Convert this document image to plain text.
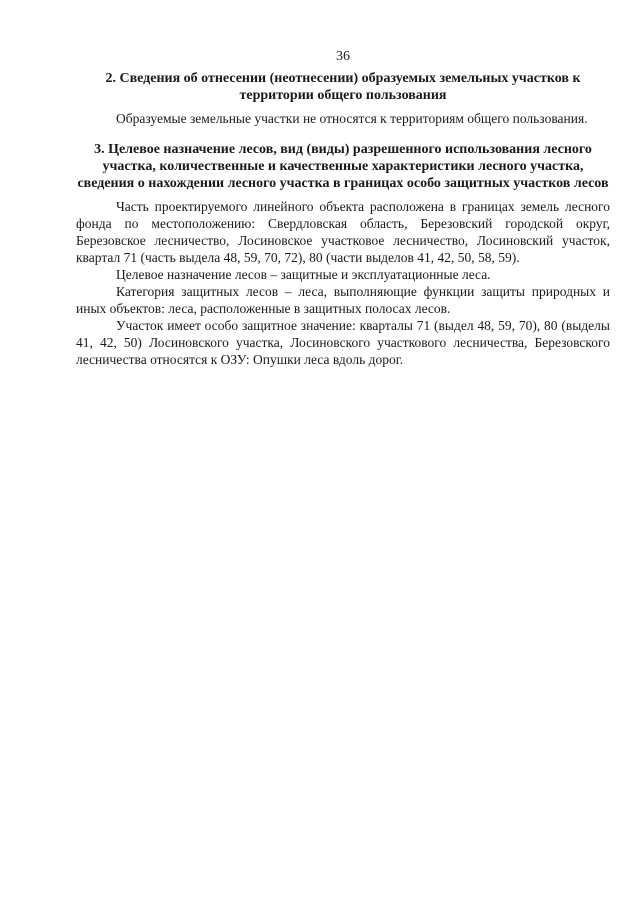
36
2. Сведения об отнесении (неотнесении) образуемых земельных участков к территории общего пользования

Образуемые земельные участки не относятся к территориям общего пользования.

3. Целевое назначение лесов, вид (виды) разрешенного использования лесного участка, количественные и качественные характеристики лесного участка, сведения о нахождении лесного участка в границах особо защитных участков лесов

Часть проектируемого линейного объекта расположена в границах земель лесного фонда по местоположению: Свердловская область, Березовский городской округ, Березовское лесничество, Лосиновское участковое лесничество, Лосиновский участок, квартал 71 (часть выдела 48, 59, 70, 72), 80 (части выделов 41, 42, 50, 58, 59).

Целевое назначение лесов – защитные и эксплуатационные леса.

Категория защитных лесов – леса, выполняющие функции защиты природных и иных объектов: леса, расположенные в защитных полосах лесов.

Участок имеет особо защитное значение: кварталы 71 (выдел 48, 59, 70), 80 (выделы 41, 42, 50) Лосиновского участка, Лосиновского участкового лесничества, Березовского лесничества относятся к ОЗУ: Опушки леса вдоль дорог.
